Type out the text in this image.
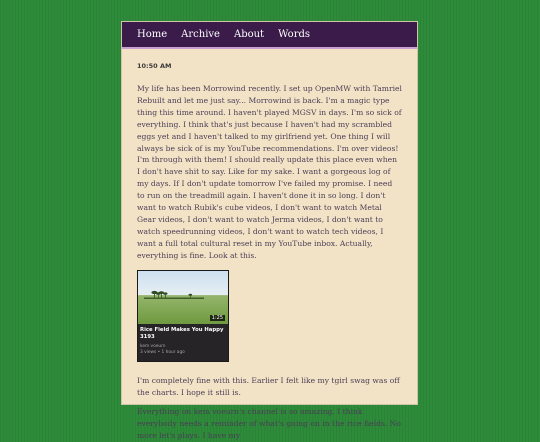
Home Archive About Words
10:50 AM

My life has been Morrowind recently. I set up OpenMW with Tamriel Rebuilt and let me just say... Morrowind is back. I'm a magic type thing this time around. I haven't played MGSV in days. I'm so sick of everything. I think that's just because I haven't had my scrambled eggs yet and I haven't talked to my girlfriend yet. One thing I will always be sick of is my YouTube recommendations. I'm over videos! I'm through with them! I should really update this place even when I don't have shit to say. Like for my sake. I want a gorgeous log of my days. If I don't update tomorrow I've failed my promise. I need to run on the treadmill again. I haven't done it in so long. I don't want to watch Rubik's cube videos, I don't want to watch Metal Gear videos, I don't want to watch Jerma videos, I don't want to watch speedrunning videos, I don't want to watch tech videos, I want a full total cultural reset in my YouTube inbox. Actually, everything is fine. Look at this.

1:25
Rice Field Makes You Happy 3193
kem voeurn
3 views • 1 hour ago

I'm completely fine with this. Earlier I felt like my tgirl swag was off the charts. I hope it still is.

Everything on kem voeurn's channel is so amazing. I think everybody needs a reminder of what's going on in the rice fields. No more let's plays. I have my
